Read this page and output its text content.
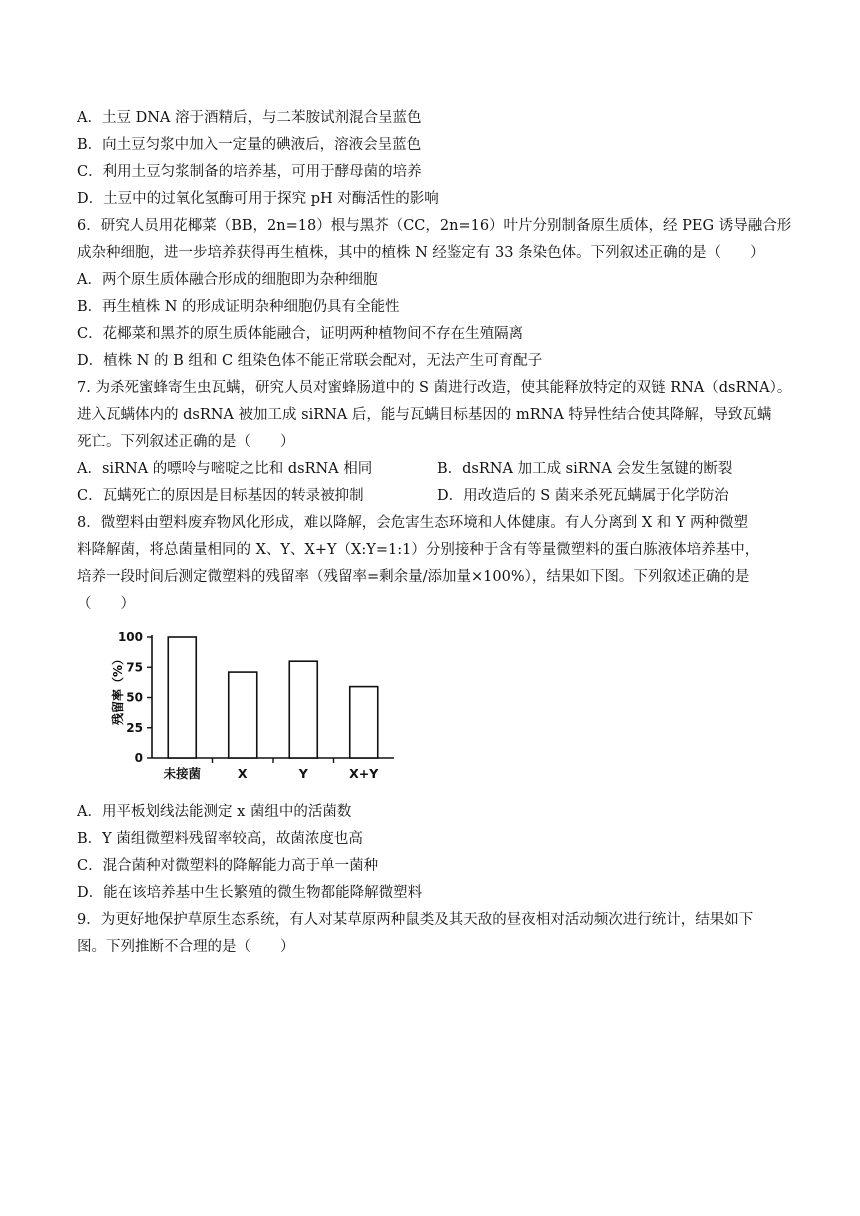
A．土豆 DNA 溶于酒精后，与二苯胺试剂混合呈蓝色
B．向土豆匀浆中加入一定量的碘液后，溶液会呈蓝色
C．利用土豆匀浆制备的培养基，可用于酵母菌的培养
D．土豆中的过氧化氢酶可用于探究 pH 对酶活性的影响
6．研究人员用花椰菜（BB，2n=18）根与黑芥（CC，2n=16）叶片分别制备原生质体，经 PEG 诱导融合形
成杂种细胞，进一步培养获得再生植株，其中的植株 N 经鉴定有 33 条染色体。下列叙述正确的是（　　）
A．两个原生质体融合形成的细胞即为杂种细胞
B．再生植株 N 的形成证明杂种细胞仍具有全能性
C．花椰菜和黑芥的原生质体能融合，证明两种植物间不存在生殖隔离
D．植株 N 的 B 组和 C 组染色体不能正常联会配对，无法产生可育配子
7. 为杀死蜜蜂寄生虫瓦螨，研究人员对蜜蜂肠道中的 S 菌进行改造，使其能释放特定的双链 RNA（dsRNA）。
进入瓦螨体内的 dsRNA 被加工成 siRNA 后，能与瓦螨目标基因的 mRNA 特异性结合使其降解，导致瓦螨
死亡。下列叙述正确的是（　　）
A．siRNA 的嘌呤与嘧啶之比和 dsRNA 相同	B．dsRNA 加工成 siRNA 会发生氢键的断裂
C．瓦螨死亡的原因是目标基因的转录被抑制	D．用改造后的 S 菌来杀死瓦螨属于化学防治
8．微塑料由塑料废弃物风化形成，难以降解，会危害生态环境和人体健康。有人分离到 X 和 Y 两种微塑
料降解菌，将总菌量相同的 X、Y、X+Y（X:Y=1:1）分别接种于含有等量微塑料的蛋白胨液体培养基中，
培养一段时间后测定微塑料的残留率（残留率=剩余量/添加量×100%），结果如下图。下列叙述正确的是
（　　）
残留率（%）
0
25
50
75
100
未接菌	X	Y	X+Y
A．用平板划线法能测定 x 菌组中的活菌数
B．Y 菌组微塑料残留率较高，故菌浓度也高
C．混合菌种对微塑料的降解能力高于单一菌种
D．能在该培养基中生长繁殖的微生物都能降解微塑料
9．为更好地保护草原生态系统，有人对某草原两种鼠类及其天敌的昼夜相对活动频次进行统计，结果如下
图。下列推断不合理的是（　　）
